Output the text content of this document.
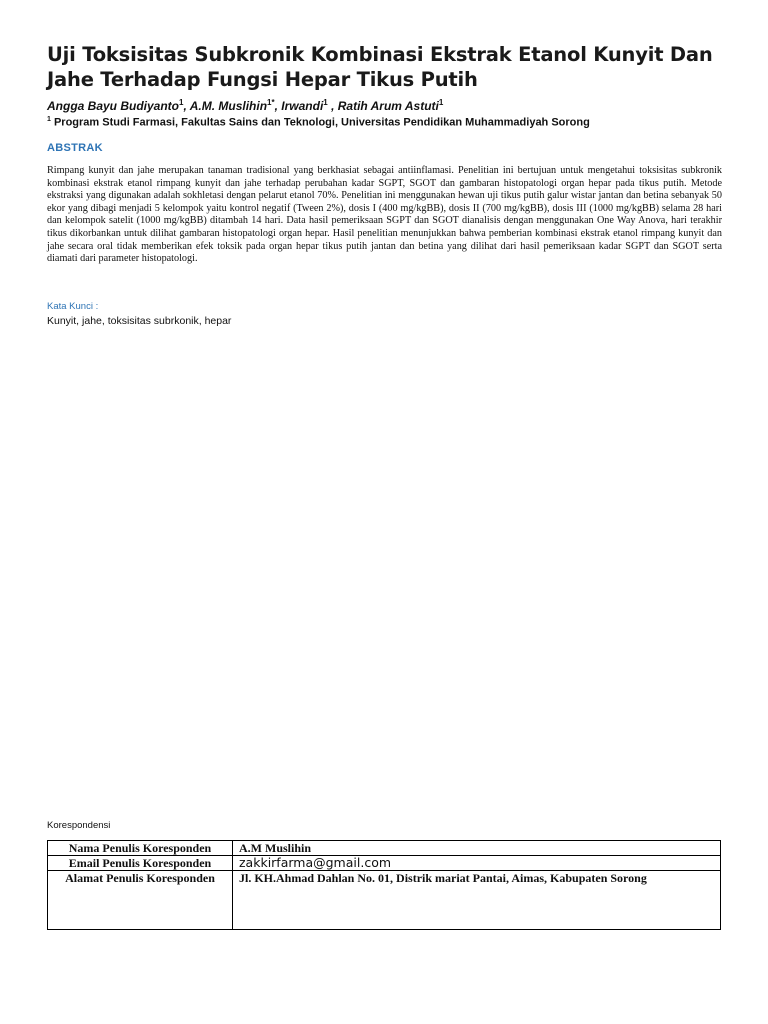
Uji Toksisitas Subkronik Kombinasi Ekstrak Etanol Kunyit Dan Jahe Terhadap Fungsi Hepar Tikus Putih
Angga Bayu Budiyanto$^1$, A.M. Muslihin$^{1*}$, Irwandi$^1$ , Ratih Arum Astuti$^1$
$^1$ Program Studi Farmasi, Fakultas Sains dan Teknologi, Universitas Pendidikan Muhammadiyah Sorong
ABSTRAK

Rimpang kunyit dan jahe merupakan tanaman tradisional yang berkhasiat sebagai antiinflamasi. Penelitian ini bertujuan untuk mengetahui toksisitas subkronik kombinasi ekstrak etanol rimpang kunyit dan jahe terhadap perubahan kadar SGPT, SGOT dan gambaran histopatologi organ hepar pada tikus putih. Metode ekstraksi yang digunakan adalah sokhletasi dengan pelarut etanol 70%. Penelitian ini menggunakan hewan uji tikus putih galur wistar jantan dan betina sebanyak 50 ekor yang dibagi menjadi 5 kelompok yaitu kontrol negatif (Tween 2%), dosis I (400 mg/kgBB), dosis II (700 mg/kgBB), dosis III (1000 mg/kgBB) selama 28 hari dan kelompok satelit (1000 mg/kgBB) ditambah 14 hari. Data hasil pemeriksaan SGPT dan SGOT dianalisis dengan menggunakan One Way Anova, hari terakhir tikus dikorbankan untuk dilihat gambaran histopatologi organ hepar. Hasil penelitian menunjukkan bahwa pemberian kombinasi ekstrak etanol rimpang kunyit dan jahe secara oral tidak memberikan efek toksik pada organ hepar tikus putih jantan dan betina yang dilihat dari hasil pemeriksaan kadar SGPT dan SGOT serta diamati dari parameter histopatologi.

Kata Kunci :
Kunyit, jahe, toksisitas subrkonik, hepar
Korespondensi
Nama Penulis Koresponden	A.M Muslihin
Email Penulis Koresponden	zakkirfarma@gmail.com
Alamat Penulis Koresponden	Jl. KH.Ahmad Dahlan No. 01, Distrik mariat Pantai, Aimas, Kabupaten Sorong
